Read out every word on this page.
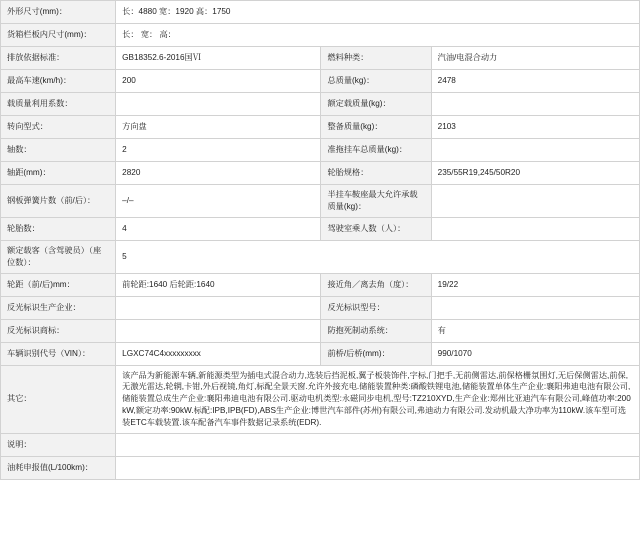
外形尺寸(mm)：	长：4880 宽：1920 高：1750		
货箱栏板内尺寸(mm)：	长： 宽： 高：		
排放依据标准：	GB18352.6-2016国Ⅵ	燃料种类：	汽油/电混合动力
最高车速(km/h)：	200	总质量(kg)：	2478
载质量利用系数：		额定载质量(kg)：	
转向型式：	方向盘	整备质量(kg)：	2103
轴数：	2	准拖挂车总质量(kg)：	
轴距(mm)：	2820	轮胎规格：	235/55R19,245/50R20
钢板弹簧片数（前/后）：	–/–	半挂车鞍座最大允许承载质量(kg)：	
轮胎数：	4	驾驶室乘人数（人）：	
额定载客（含驾驶员）（座位数）：	5		
轮距（前/后)mm：	前轮距:1640 后轮距:1640	接近角／离去角（度）：	19/22
反光标识生产企业：		反光标识型号：	
反光标识商标：		防抱死制动系统：	有
车辆识别代号（VIN）：	LGXC74C4xxxxxxxxx	前桥/后桥(mm)：	990/1070
其它：	该产品为新能源车辆,新能源类型为插电式混合动力,选装后挡泥板,翼子板装饰件,字标,门把手,无前侧雷达,前保格栅氛围灯,无后保侧雷达,前保,无激光雷达,轮辋,卡钳,外后视镜,角灯,标配全景天窗.允许外接充电.储能装置种类:磷酸铁锂电池,储能装置单体生产企业:襄阳弗迪电池有限公司,储能装置总成生产企业:襄阳弗迪电池有限公司.驱动电机类型:永磁同步电机,型号:TZ210XYD,生产企业:郑州比亚迪汽车有限公司,峰值功率:200kW,额定功率:90kW.标配:IPB,IPB(FD),ABS生产企业:博世汽车部件(苏州)有限公司,弗迪动力有限公司.发动机最大净功率为110kW.该车型可选装ETC车载装置.该车配备汽车事件数据记录系统(EDR).		
说明：			
油耗申报值(L/100km)：			
